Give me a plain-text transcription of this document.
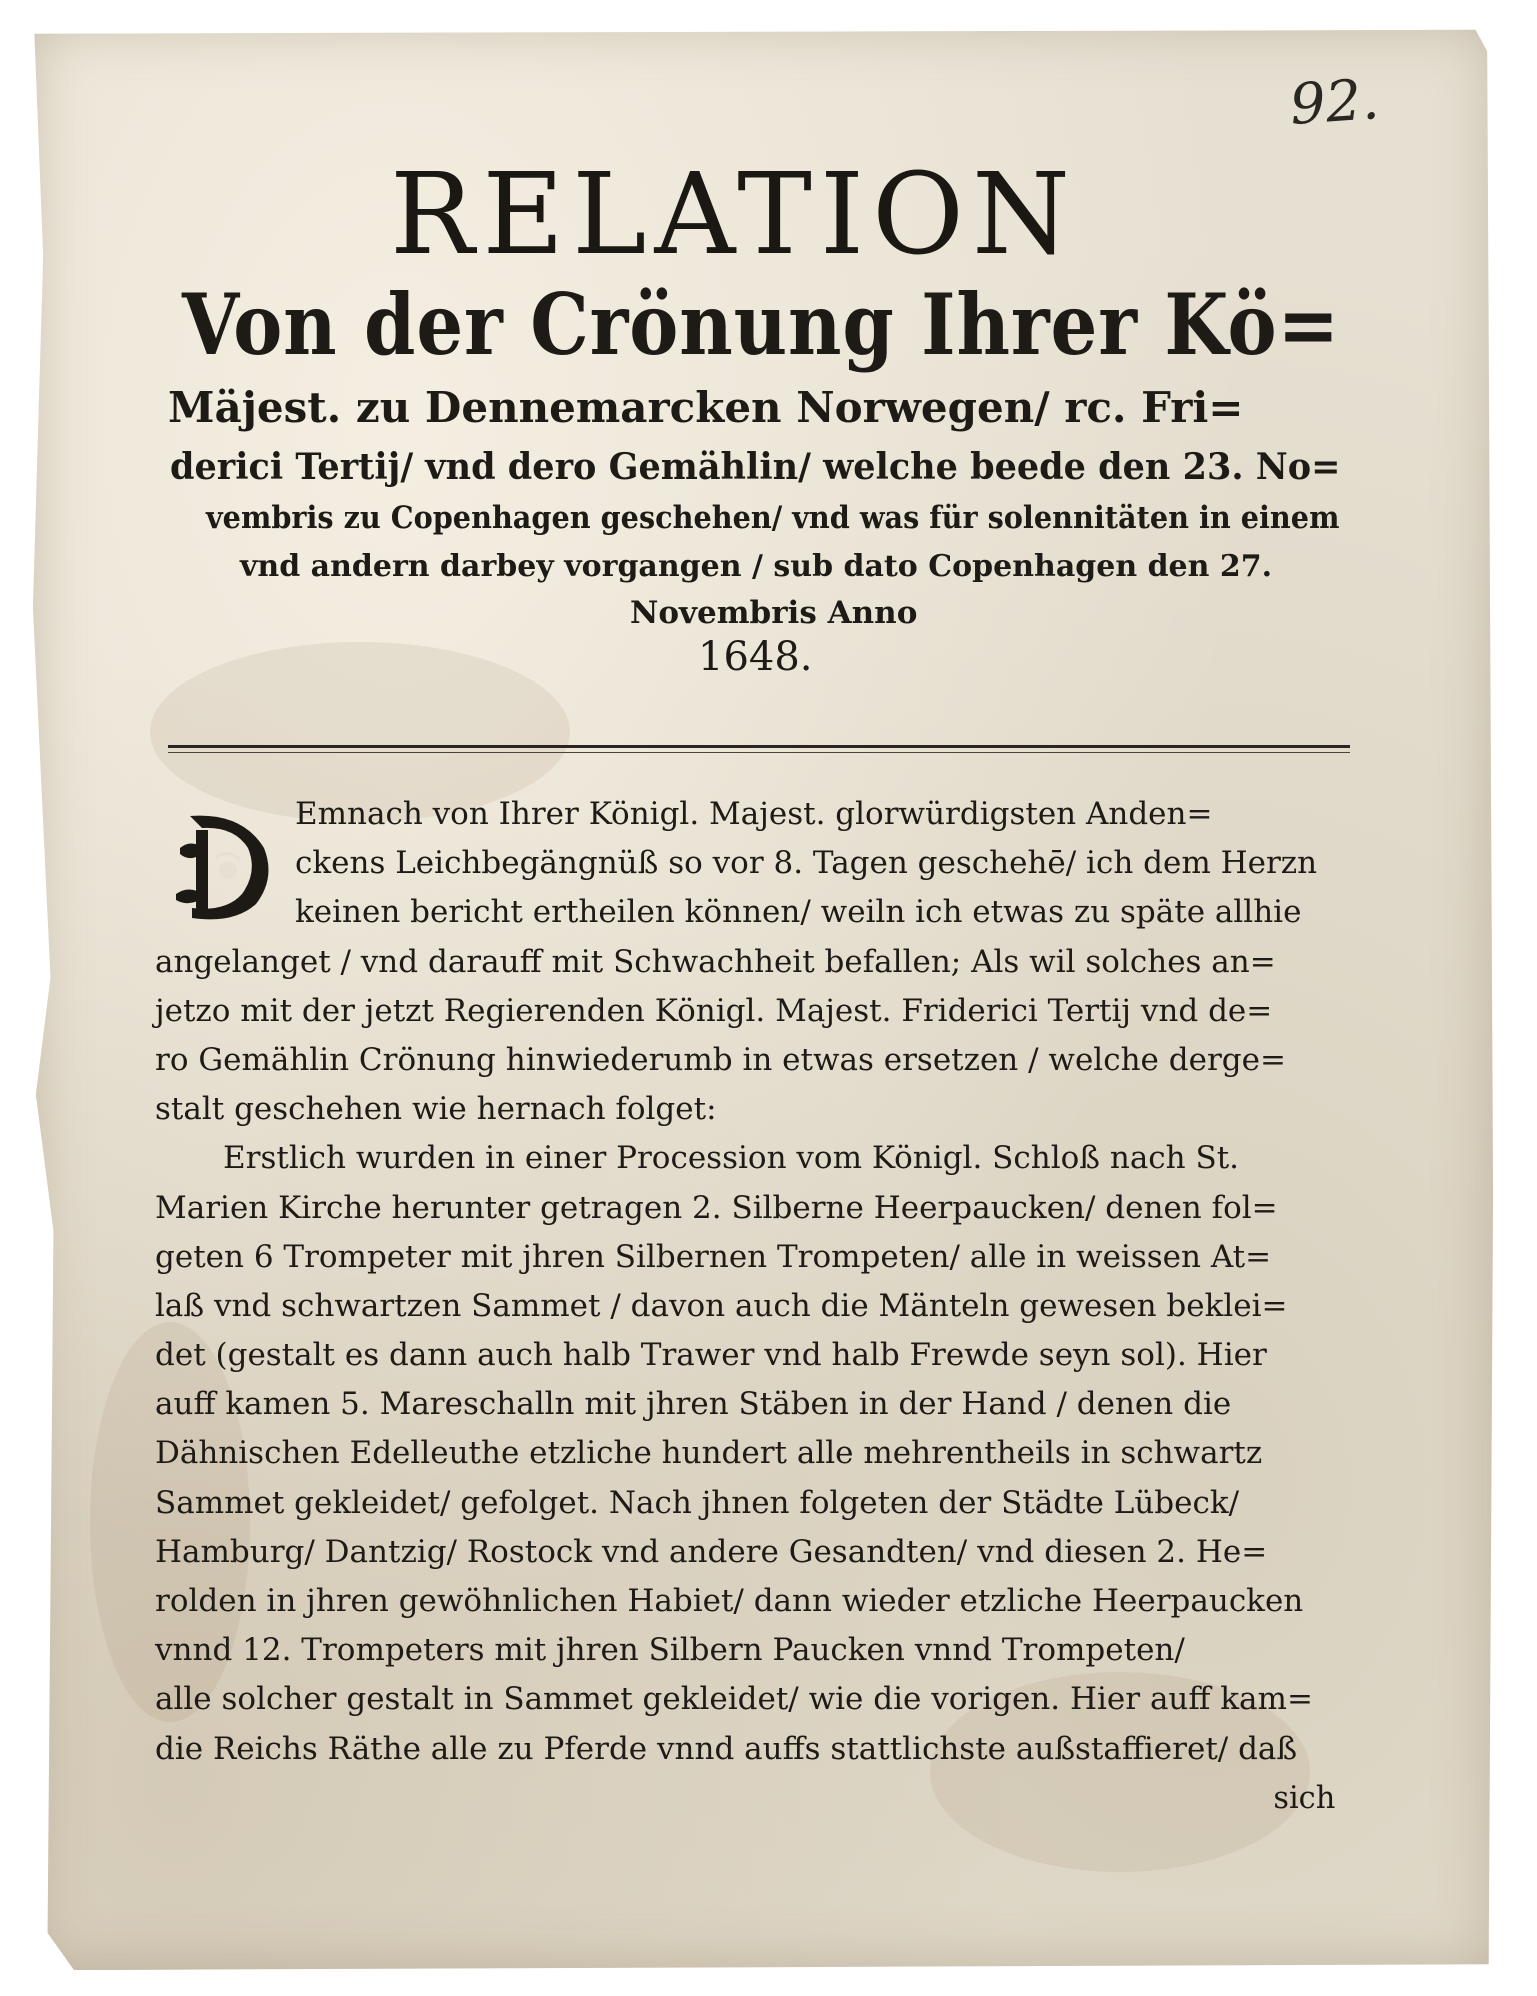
92.
RELATION
Von der Crönung Ihrer Kö=
Mäjest. zu Dennemarcken Norwegen/ rc. Fri=
derici Tertij/ vnd dero Gemählin/ welche beede den 23. No=
vembris zu Copenhagen geschehen/ vnd was für solennitäten in einem
vnd andern darbey vorgangen / sub dato Copenhagen den 27.
Novembris Anno
1648.
Emnach von Ihrer Königl. Majest. glorwürdigsten Anden=
ckens Leichbegängnüß so vor 8. Tagen geschehē/ ich dem Herzn
keinen bericht ertheilen können/ weiln ich etwas zu späte allhie
angelanget / vnd darauff mit Schwachheit befallen; Als wil solches an=
jetzo mit der jetzt Regierenden Königl. Majest. Friderici Tertij vnd de=
ro Gemählin Crönung hinwiederumb in etwas ersetzen / welche derge=
stalt geschehen wie hernach folget:
Erstlich wurden in einer Procession vom Königl. Schloß nach St.
Marien Kirche herunter getragen 2. Silberne Heerpaucken/ denen fol=
geten 6 Trompeter mit jhren Silbernen Trompeten/ alle in weissen At=
laß vnd schwartzen Sammet / davon auch die Mänteln gewesen beklei=
det (gestalt es dann auch halb Trawer vnd halb Frewde seyn sol). Hier
auff kamen 5. Mareschalln mit jhren Stäben in der Hand / denen die
Dähnischen Edelleuthe etzliche hundert alle mehrentheils in schwartz
Sammet gekleidet/ gefolget. Nach jhnen folgeten der Städte Lübeck/
Hamburg/ Dantzig/ Rostock vnd andere Gesandten/ vnd diesen 2. He=
rolden in jhren gewöhnlichen Habiet/ dann wieder etzliche Heerpaucken
vnnd 12. Trompeters mit jhren Silbern Paucken vnnd Trompeten/
alle solcher gestalt in Sammet gekleidet/ wie die vorigen. Hier auff kam=
die Reichs Räthe alle zu Pferde vnnd auffs stattlichste außstaffieret/ daß
sich
